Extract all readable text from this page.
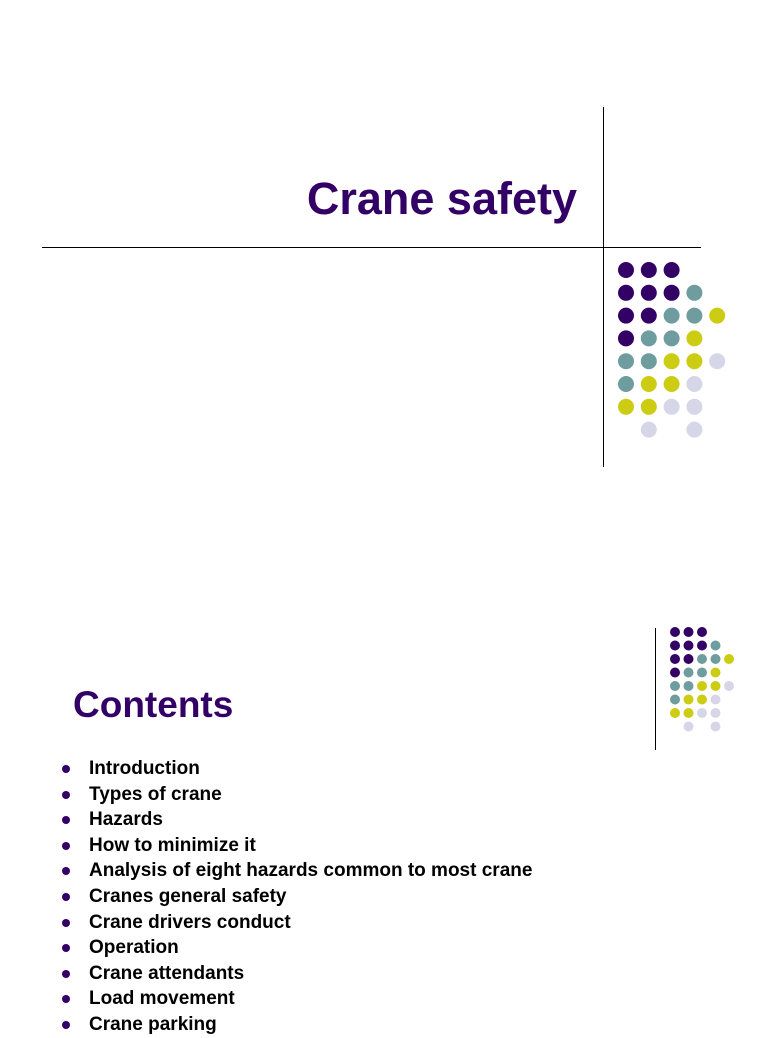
Crane safety
Contents
Introduction
Types of crane
Hazards
How to minimize it
Analysis of eight hazards common to most crane
Cranes general safety
Crane drivers conduct
Operation
Crane attendants
Load movement
Crane parking
